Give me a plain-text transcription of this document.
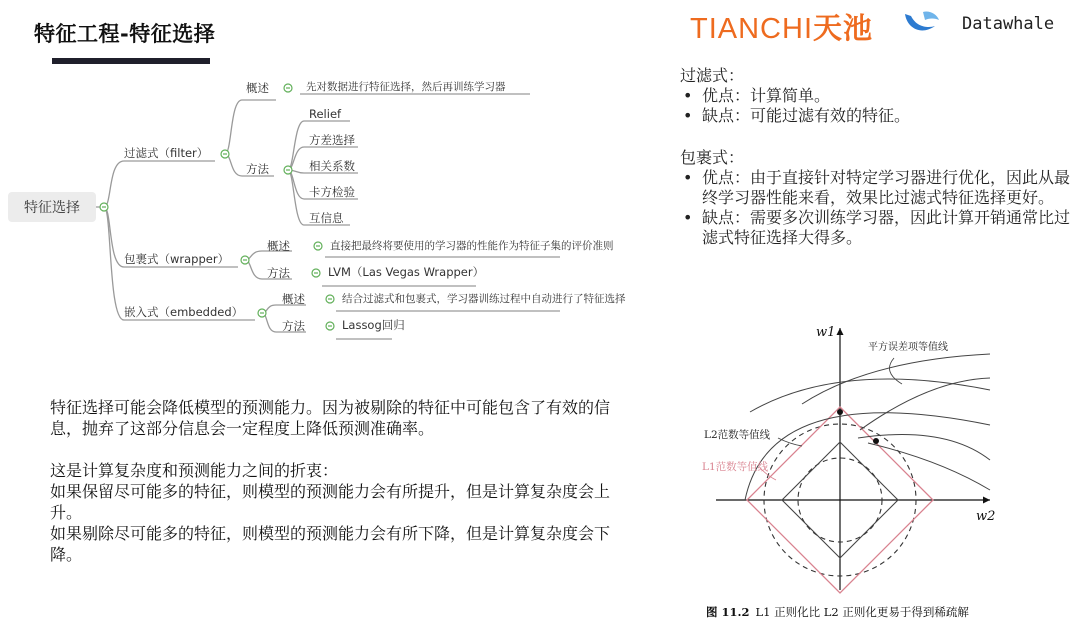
特征工程-特征选择	TIANCHI天池	Datawhale
特征选择
过滤式（filter）
概述	先对数据进行特征选择，然后再训练学习器
方法
Relief
方差选择
相关系数
卡方检验
互信息
包裹式（wrapper）
概述	直接把最终将要使用的学习器的性能作为特征子集的评价准则
方法	LVM（Las Vegas Wrapper）
嵌入式（embedded）
概述	结合过滤式和包裹式，学习器训练过程中自动进行了特征选择
方法	Lassog回归

特征选择可能会降低模型的预测能力。因为被剔除的特征中可能包含了有效的信息，抛弃了这部分信息会一定程度上降低预测准确率。

这是计算复杂度和预测能力之间的折衷：

如果保留尽可能多的特征，则模型的预测能力会有所提升，但是计算复杂度会上升。

如果剔除尽可能多的特征，则模型的预测能力会有所下降，但是计算复杂度会下降。

过滤式：

• 优点：计算简单。
• 缺点：可能过滤有效的特征。

包裹式：

• 优点：由于直接针对特定学习器进行优化，因此从最终学习器性能来看，效果比过滤式特征选择更好。
• 缺点：需要多次训练学习器，因此计算开销通常比过滤式特征选择大得多。
w1
w2
平方误差项等值线
L2范数等值线
L1范数等值线
图 11.2 L1 正则化比 L2 正则化更易于得到稀疏解
